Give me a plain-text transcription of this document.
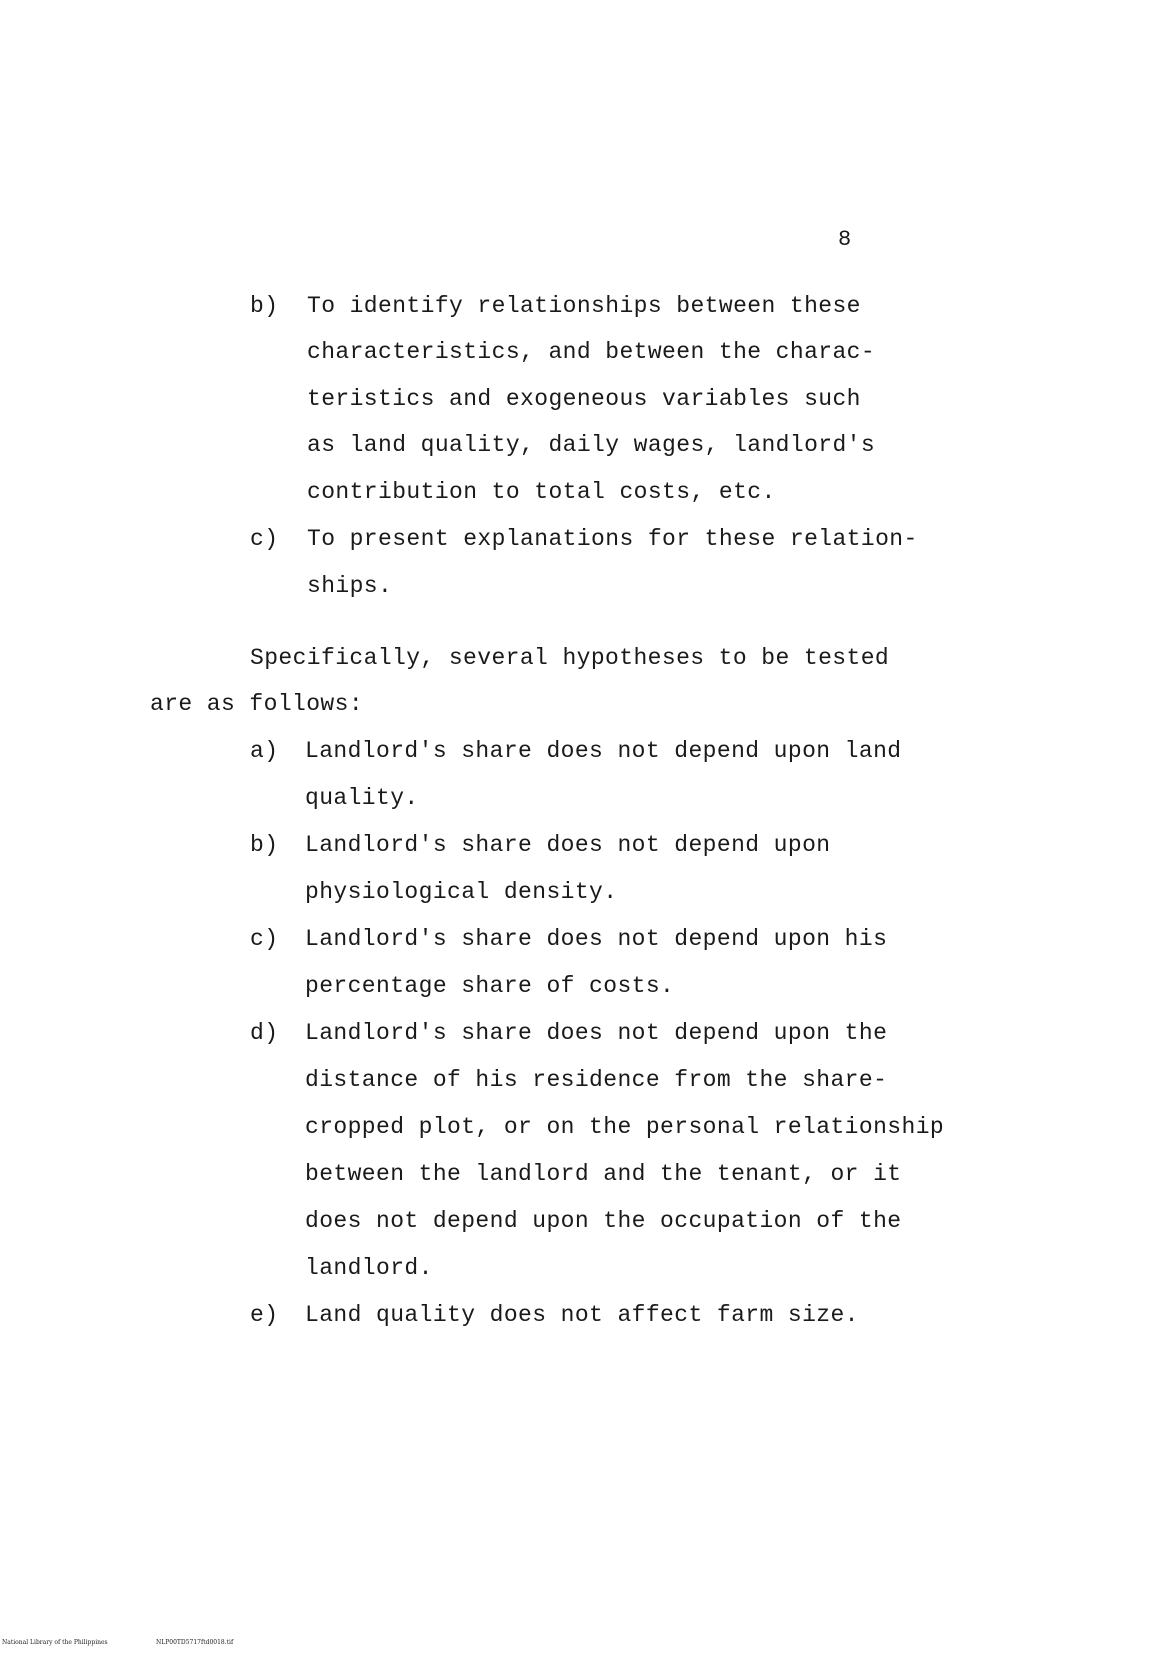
8
b) To identify relationships between these
characteristics, and between the charac-
teristics and exogeneous variables such
as land quality, daily wages, landlord's
contribution to total costs, etc.
c) To present explanations for these relation-
ships.
Specifically, several hypotheses to be tested
are as follows:
a) Landlord's share does not depend upon land
quality.
b) Landlord's share does not depend upon
physiological density.
c) Landlord's share does not depend upon his
percentage share of costs.
d) Landlord's share does not depend upon the
distance of his residence from the share-
cropped plot, or on the personal relationship
between the landlord and the tenant, or it
does not depend upon the occupation of the
landlord.
e) Land quality does not affect farm size.
National Library of the Philippines	NLP00TD5717ftd0018.tif
